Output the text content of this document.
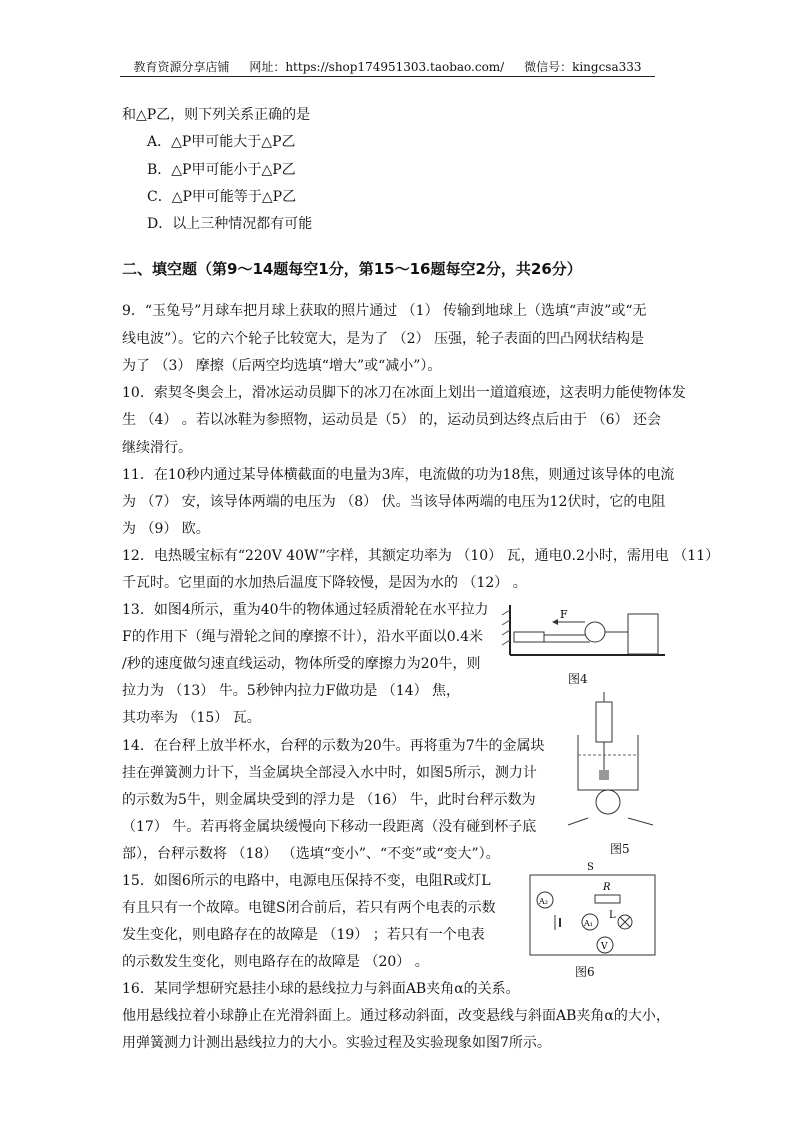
教育资源分享店铺 网址：https://shop174951303.taobao.com/ 微信号：kingcsa333
和△P乙，则下列关系正确的是
A．△P甲可能大于△P乙
B．△P甲可能小于△P乙
C．△P甲可能等于△P乙
D．以上三种情况都有可能
二、填空题（第9～14题每空1分，第15～16题每空2分，共26分）
9．“玉兔号”月球车把月球上获取的照片通过 （1） 传输到地球上（选填“声波”或“无
线电波”）。它的六个轮子比较宽大，是为了 （2） 压强，轮子表面的凹凸网状结构是
为了 （3） 摩擦（后两空均选填“增大”或“减小”）。
10．索契冬奥会上，滑冰运动员脚下的冰刀在冰面上划出一道道痕迹，这表明力能使物体发
生 （4） 。若以冰鞋为参照物，运动员是（5） 的，运动员到达终点后由于 （6） 还会
继续滑行。
11．在10秒内通过某导体横截面的电量为3库，电流做的功为18焦，则通过该导体的电流
为 （7） 安，该导体两端的电压为 （8） 伏。当该导体两端的电压为12伏时，它的电阻
为 （9） 欧。
12．电热暖宝标有“220V 40W”字样，其额定功率为 （10） 瓦，通电0.2小时，需用电 （11）
千瓦时。它里面的水加热后温度下降较慢，是因为水的 （12） 。
13．如图4所示，重为40牛的物体通过轻质滑轮在水平拉力
F的作用下（绳与滑轮之间的摩擦不计），沿水平面以0.4米
/秒的速度做匀速直线运动，物体所受的摩擦力为20牛，则
拉力为 （13） 牛。5秒钟内拉力F做功是 （14） 焦，
其功率为 （15） 瓦。
14．在台秤上放半杯水，台秤的示数为20牛。再将重为7牛的金属块
挂在弹簧测力计下，当金属块全部浸入水中时，如图5所示，测力计
的示数为5牛，则金属块受到的浮力是 （16） 牛，此时台秤示数为
（17） 牛。若再将金属块缓慢向下移动一段距离（没有碰到杯子底
部），台秤示数将 （18） （选填“变小”、“不变”或“变大”）。
15．如图6所示的电路中，电源电压保持不变，电阻R或灯L
有且只有一个故障。电键S闭合前后，若只有两个电表的示数
发生变化，则电路存在的故障是 （19） ；若只有一个电表
的示数发生变化，则电路存在的故障是 （20） 。
16．某同学想研究悬挂小球的悬线拉力与斜面AB夹角α的关系。
他用悬线拉着小球静止在光滑斜面上。通过移动斜面，改变悬线与斜面AB夹角α的大小，
用弹簧测力计测出悬线拉力的大小。实验过程及实验现象如图7所示。
F
图4
图5
S
A₂
R
A₁
L
V
图6
